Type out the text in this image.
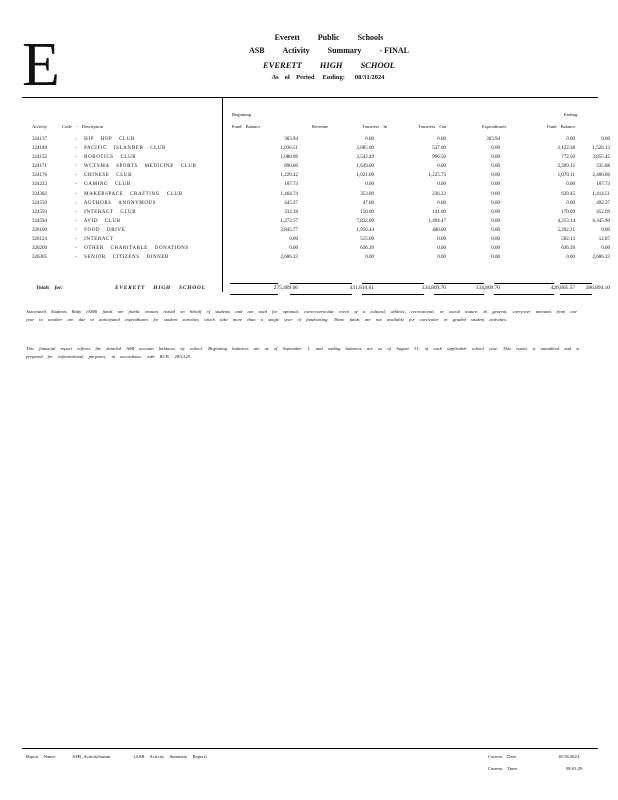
E	Everett Public Schools
ASB Activity Summary - FINAL
EVERETT HIGH SCHOOL
As of Period Ending: 08/31/2024
Activity	Code - Description
Beginning
Fund Balance	Revenue	Transfers In	Transfers Out	Expenditures
Ending
Fund Balance
324137	- HIP HOP CLUB	363.94	0.00	0.00	363.94	0.00	0.00
324140	- PACIFIC ISLANDER CLUB	1,036.51	2,085.00	527.00	0.00	2,122.38	1,526.13
324152	- ROBOTICS CLUB	1,088.96	2,542.49	996.50	0.00	772.50	3,855.45
324171	- WCTSMA SPORTS MEDICINE CLUB	896.00	1,649.00	0.00	0.00	2,209.12	335.88
324176	- CHINESE CLUB	1,229.42	1,021.00	1,225.75	0.00	1,070.11	2,406.06
324222	- GAMING CLUB	107.73	0.00	0.00	0.00	0.00	107.73
324382	- MAKERSPACE CRAFTING CLUB	1,464.74	353.00	236.22	0.00	639.45	1,414.51
324550	- AUTHORS ANONYMOUS	445.37	47.00	0.00	0.00	0.00	492.37
324593	- INTERACT CLUB	332.38	150.00	141.00	0.00	170.69	452.69
324594	- AVID CLUB	1,272.57	7,832.00	1,494.47	0.00	4,253.14	6,345.90
326100	- FOOD DRIVE	2,845.77	1,956.44	400.00	0.00	5,202.21	0.00
326124	- INTERACT	0.00	515.00	0.00	0.00	502.13	12.87
326200	- OTHER CHARITABLE DONATIONS	0.00	636.39	0.00	0.00	636.39	0.00
326305	- SENIOR CITIZENS DINNER	2,606.23	0.00	0.00	0.00	0.00	2,606.23
Totals for:	EVERETT HIGH SCHOOL	275,489.06	431,810.61	134,869.70	134,869.70	420,805.57	286,894.10
Associated Students Body (ASB) funds are public monies raised on behalf of students and are used for optional, extra-curricular event of a cultural, athletic, recreational, or social nature. In general, carryover amounts from one year to another are due to anticipated expenditures for student activities which take more than a single year of fundraising. These funds are not available for curricular or graded student activities.
This financial report reflects the detailed ASB account balances by school. Beginning balances are as of September 1, and ending balances are as of August 31, of each applicable school year. This report is unaudited and is prepared for informational purposes, in accordance with RCW 28A.325.
Report Name:	ASB_ActivitySumm	(ASB Activity Summary Report)	Current Date:	10/10/2024
Current Time:	08:01:29
